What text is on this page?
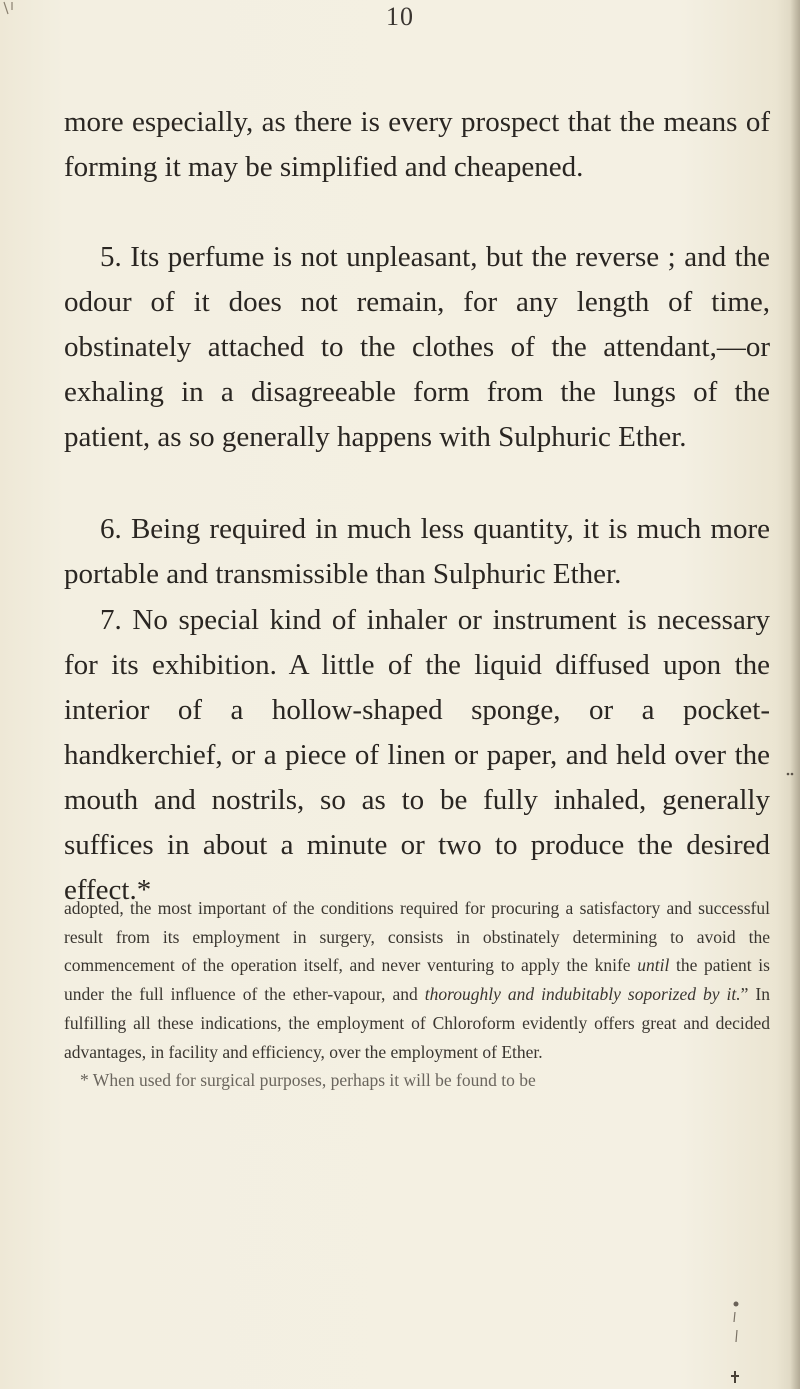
10
more especially, as there is every prospect that the means of forming it may be simplified and cheapened.
5. Its perfume is not unpleasant, but the reverse ; and the odour of it does not remain, for any length of time, obstinately attached to the clothes of the attendant,—or exhaling in a disagreeable form from the lungs of the patient, as so generally happens with Sulphuric Ether.
6. Being required in much less quantity, it is much more portable and transmissible than Sulphuric Ether.
7. No special kind of inhaler or instrument is necessary for its exhibition. A little of the liquid diffused upon the interior of a hollow-shaped sponge, or a pocket-handkerchief, or a piece of linen or paper, and held over the mouth and nostrils, so as to be fully inhaled, generally suffices in about a minute or two to produce the desired effect.*
adopted, the most important of the conditions required for procuring a satisfactory and successful result from its employment in surgery, consists in obstinately determining to avoid the commencement of the operation itself, and never venturing to apply the knife until the patient is under the full influence of the ether-vapour, and thoroughly and indubitably soporized by it.” In fulfilling all these indications, the employment of Chloroform evidently offers great and decided advantages, in facility and efficiency, over the employment of Ether.
* When used for surgical purposes, perhaps it will be found to be
